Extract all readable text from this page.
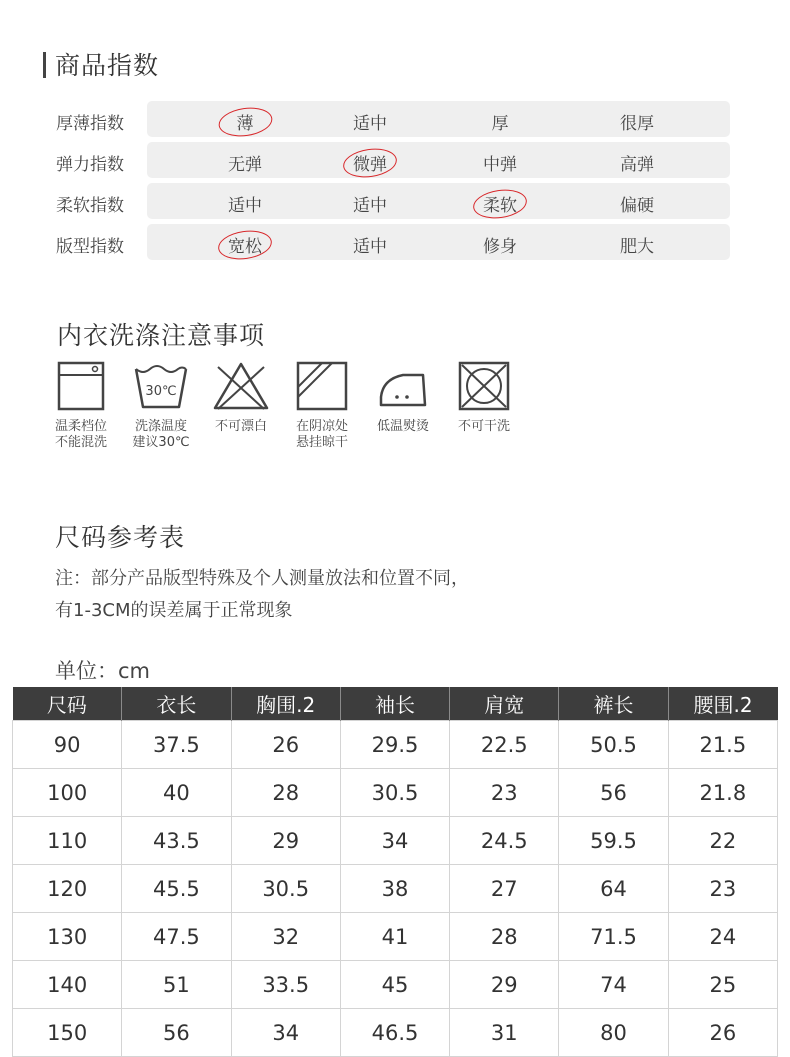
商品指数
厚薄指数	薄	适中	厚	很厚
弹力指数	无弹	微弹	中弹	高弹
柔软指数	适中	适中	柔软	偏硬
版型指数	宽松	适中	修身	肥大
内衣洗涤注意事项
温柔档位
不能混洗
30℃
洗涤温度
建议30℃
不可漂白	在阴凉处
悬挂晾干
低温熨烫	不可干洗
尺码参考表
注：部分产品版型特殊及个人测量放法和位置不同，
有1-3CM的误差属于正常现象
单位：cm
尺码	衣长	胸围.2	袖长	肩宽	裤长	腰围.2
90	37.5	26	29.5	22.5	50.5	21.5
100	40	28	30.5	23	56	21.8
110	43.5	29	34	24.5	59.5	22
120	45.5	30.5	38	27	64	23
130	47.5	32	41	28	71.5	24
140	51	33.5	45	29	74	25
150	56	34	46.5	31	80	26
